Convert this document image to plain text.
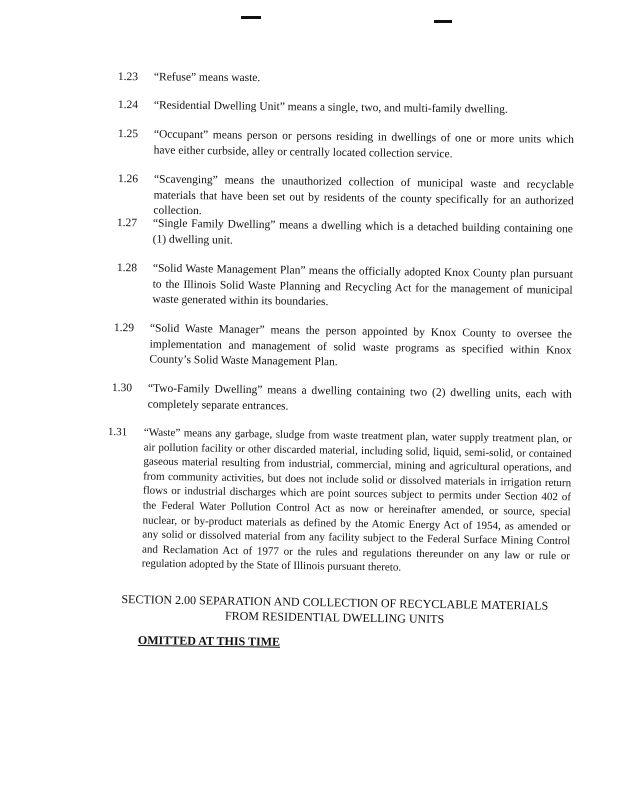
1.23	“Refuse” means waste.
1.24	“Residential Dwelling Unit” means a single, two, and multi-family dwelling.
1.25	“Occupant” means person or persons residing in dwellings of one or more units which have either curbside, alley or centrally located collection service.
1.26	“Scavenging” means the unauthorized collection of municipal waste and recyclable materials that have been set out by residents of the county specifically for an authorized collection.
1.27	“Single Family Dwelling” means a dwelling which is a detached building containing one (1) dwelling unit.
1.28	“Solid Waste Management Plan” means the officially adopted Knox County plan pursuant to the Illinois Solid Waste Planning and Recycling Act for the management of municipal waste generated within its boundaries.
1.29	“Solid Waste Manager” means the person appointed by Knox County to oversee the implementation and management of solid waste programs as specified within Knox County’s Solid Waste Management Plan.
1.30	“Two-Family Dwelling” means a dwelling containing two (2) dwelling units, each with completely separate entrances.
1.31	“Waste” means any garbage, sludge from waste treatment plan, water supply treatment plan, or air pollution facility or other discarded material, including solid, liquid, semi-solid, or contained gaseous material resulting from industrial, commercial, mining and agricultural operations, and from community activities, but does not include solid or dissolved materials in irrigation return flows or industrial discharges which are point sources subject to permits under Section 402 of the Federal Water Pollution Control Act as now or hereinafter amended, or source, special nuclear, or by-product materials as defined by the Atomic Energy Act of 1954, as amended or any solid or dissolved material from any facility subject to the Federal Surface Mining Control and Reclamation Act of 1977 or the rules and regulations thereunder on any law or rule or regulation adopted by the State of Illinois pursuant thereto.
SECTION 2.00 SEPARATION AND COLLECTION OF RECYCLABLE MATERIALS
FROM RESIDENTIAL DWELLING UNITS
OMITTED AT THIS TIME
